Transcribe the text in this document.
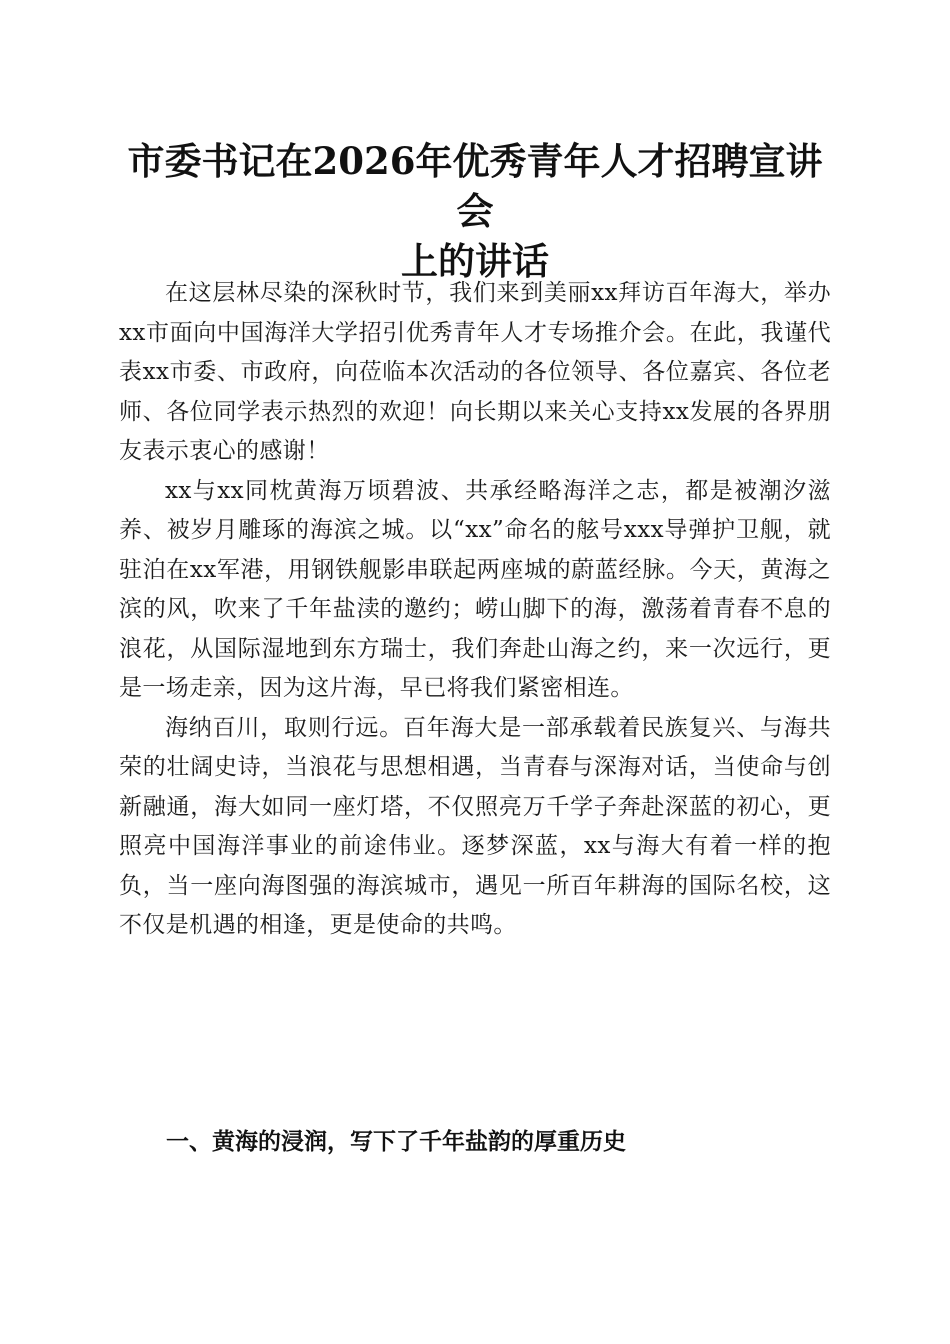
市委书记在2026年优秀青年人才招聘宣讲会
上的讲话

在这层林尽染的深秋时节，我们来到美丽xx拜访百年海大，举办xx市面向中国海洋大学招引优秀青年人才专场推介会。在此，我谨代表xx市委、市政府，向莅临本次活动的各位领导、各位嘉宾、各位老师、各位同学表示热烈的欢迎！向长期以来关心支持xx发展的各界朋友表示衷心的感谢！

xx与xx同枕黄海万顷碧波、共承经略海洋之志，都是被潮汐滋养、被岁月雕琢的海滨之城。以“xx”命名的舷号xxx导弹护卫舰，就驻泊在xx军港，用钢铁舰影串联起两座城的蔚蓝经脉。今天，黄海之滨的风，吹来了千年盐渎的邀约；崂山脚下的海，激荡着青春不息的浪花，从国际湿地到东方瑞士，我们奔赴山海之约，来一次远行，更是一场走亲，因为这片海，早已将我们紧密相连。

海纳百川，取则行远。百年海大是一部承载着民族复兴、与海共荣的壮阔史诗，当浪花与思想相遇，当青春与深海对话，当使命与创新融通，海大如同一座灯塔，不仅照亮万千学子奔赴深蓝的初心，更照亮中国海洋事业的前途伟业。逐梦深蓝，xx与海大有着一样的抱负，当一座向海图强的海滨城市，遇见一所百年耕海的国际名校，这不仅是机遇的相逢，更是使命的共鸣。

一、黄海的浸润，写下了千年盐韵的厚重历史
